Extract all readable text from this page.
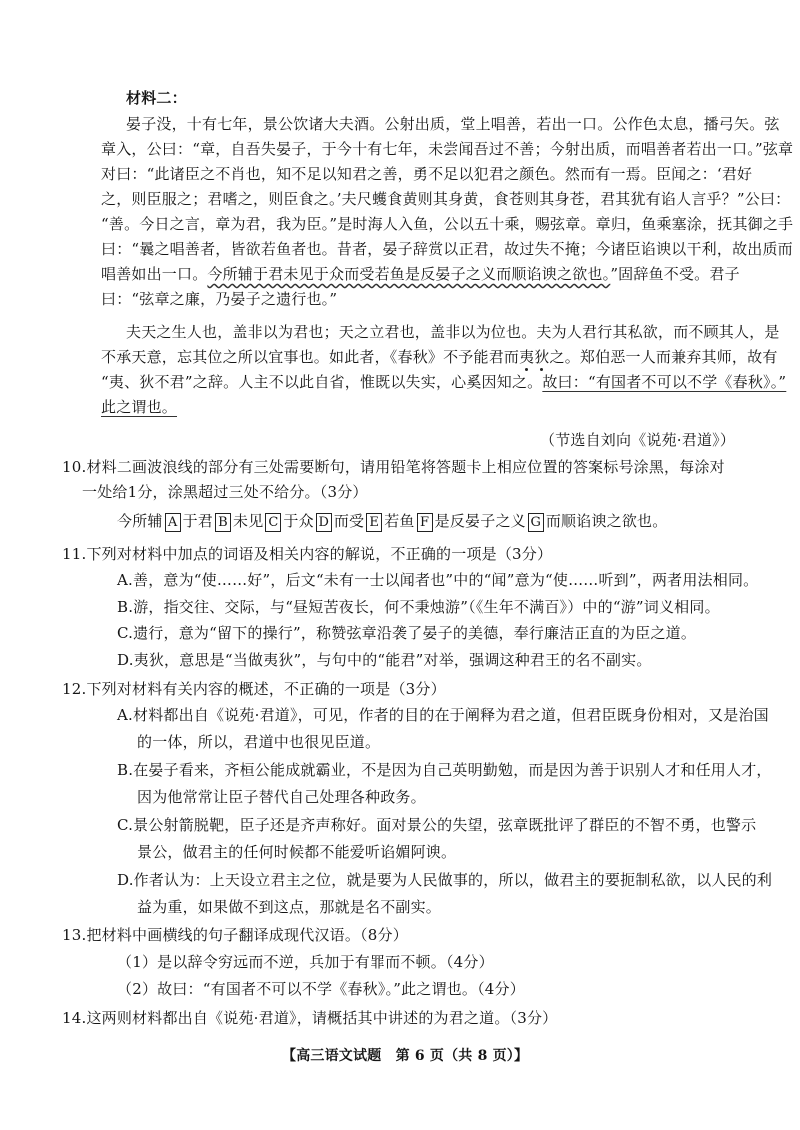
材料二：
晏子没，十有七年，景公饮诸大夫酒。公射出质，堂上唱善，若出一口。公作色太息，播弓矢。弦
章入，公曰：“章，自吾失晏子，于今十有七年，未尝闻吾过不善；今射出质，而唱善者若出一口。”弦章
对曰：“此诸臣之不肖也，知不足以知君之善，勇不足以犯君之颜色。然而有一焉。臣闻之：‘君好
之，则臣服之；君嗜之，则臣食之。’夫尺蠖食黄则其身黄，食苍则其身苍，君其犹有谄人言乎？”公曰：
“善。今日之言，章为君，我为臣。”是时海人入鱼，公以五十乘，赐弦章。章归，鱼乘塞涂，抚其御之手
曰：“曩之唱善者，皆欲若鱼者也。昔者，晏子辞赏以正君，故过失不掩；今诸臣谄谀以干利，故出质而
唱善如出一口。今所辅于君未见于众而受若鱼是反晏子之义而顺谄谀之欲也。”固辞鱼不受。君子
曰：“弦章之廉，乃晏子之遗行也。”
夫天之生人也，盖非以为君也；天之立君也，盖非以为位也。夫为人君行其私欲，而不顾其人，是
不承天意，忘其位之所以宜事也。如此者，《春秋》不予能君而夷狄之。郑伯恶一人而兼弃其师，故有
“夷、狄不君”之辞。人主不以此自省，惟既以失实，心奚因知之。故曰：“有国者不可以不学《春秋》。”
此之谓也。
（节选自刘向《说苑·君道》）
10.材料二画波浪线的部分有三处需要断句，请用铅笔将答题卡上相应位置的答案标号涂黑，每涂对
一处给1分，涂黑超过三处不给分。（3分）
今所辅 A 于君 B 未见 C 于众 D 而受 E 若鱼 F 是反晏子之义 G 而顺谄谀之欲也。
11.下列对材料中加点的词语及相关内容的解说，不正确的一项是（3分）
A.善，意为“使……好”，后文“未有一士以闻者也”中的“闻”意为“使……听到”，两者用法相同。
B.游，指交往、交际，与“昼短苦夜长，何不秉烛游”（《生年不满百》）中的“游”词义相同。
C.遗行，意为“留下的操行”，称赞弦章沿袭了晏子的美德，奉行廉洁正直的为臣之道。
D.夷狄，意思是“当做夷狄”，与句中的“能君”对举，强调这种君王的名不副实。
12.下列对材料有关内容的概述，不正确的一项是（3分）
A.材料都出自《说苑·君道》，可见，作者的目的在于阐释为君之道，但君臣既身份相对，又是治国
的一体，所以，君道中也很见臣道。
B.在晏子看来，齐桓公能成就霸业，不是因为自己英明勤勉，而是因为善于识别人才和任用人才，
因为他常常让臣子替代自己处理各种政务。
C.景公射箭脱靶，臣子还是齐声称好。面对景公的失望，弦章既批评了群臣的不智不勇，也警示
景公，做君主的任何时候都不能爱听谄媚阿谀。
D.作者认为：上天设立君主之位，就是要为人民做事的，所以，做君主的要扼制私欲，以人民的利
益为重，如果做不到这点，那就是名不副实。
13.把材料中画横线的句子翻译成现代汉语。（8分）
（1）是以辞令穷远而不逆，兵加于有罪而不顿。（4分）
（2）故曰：“有国者不可以不学《春秋》。”此之谓也。（4分）
14.这两则材料都出自《说苑·君道》，请概括其中讲述的为君之道。（3分）
【高三语文试题　第 6 页（共 8 页）】
